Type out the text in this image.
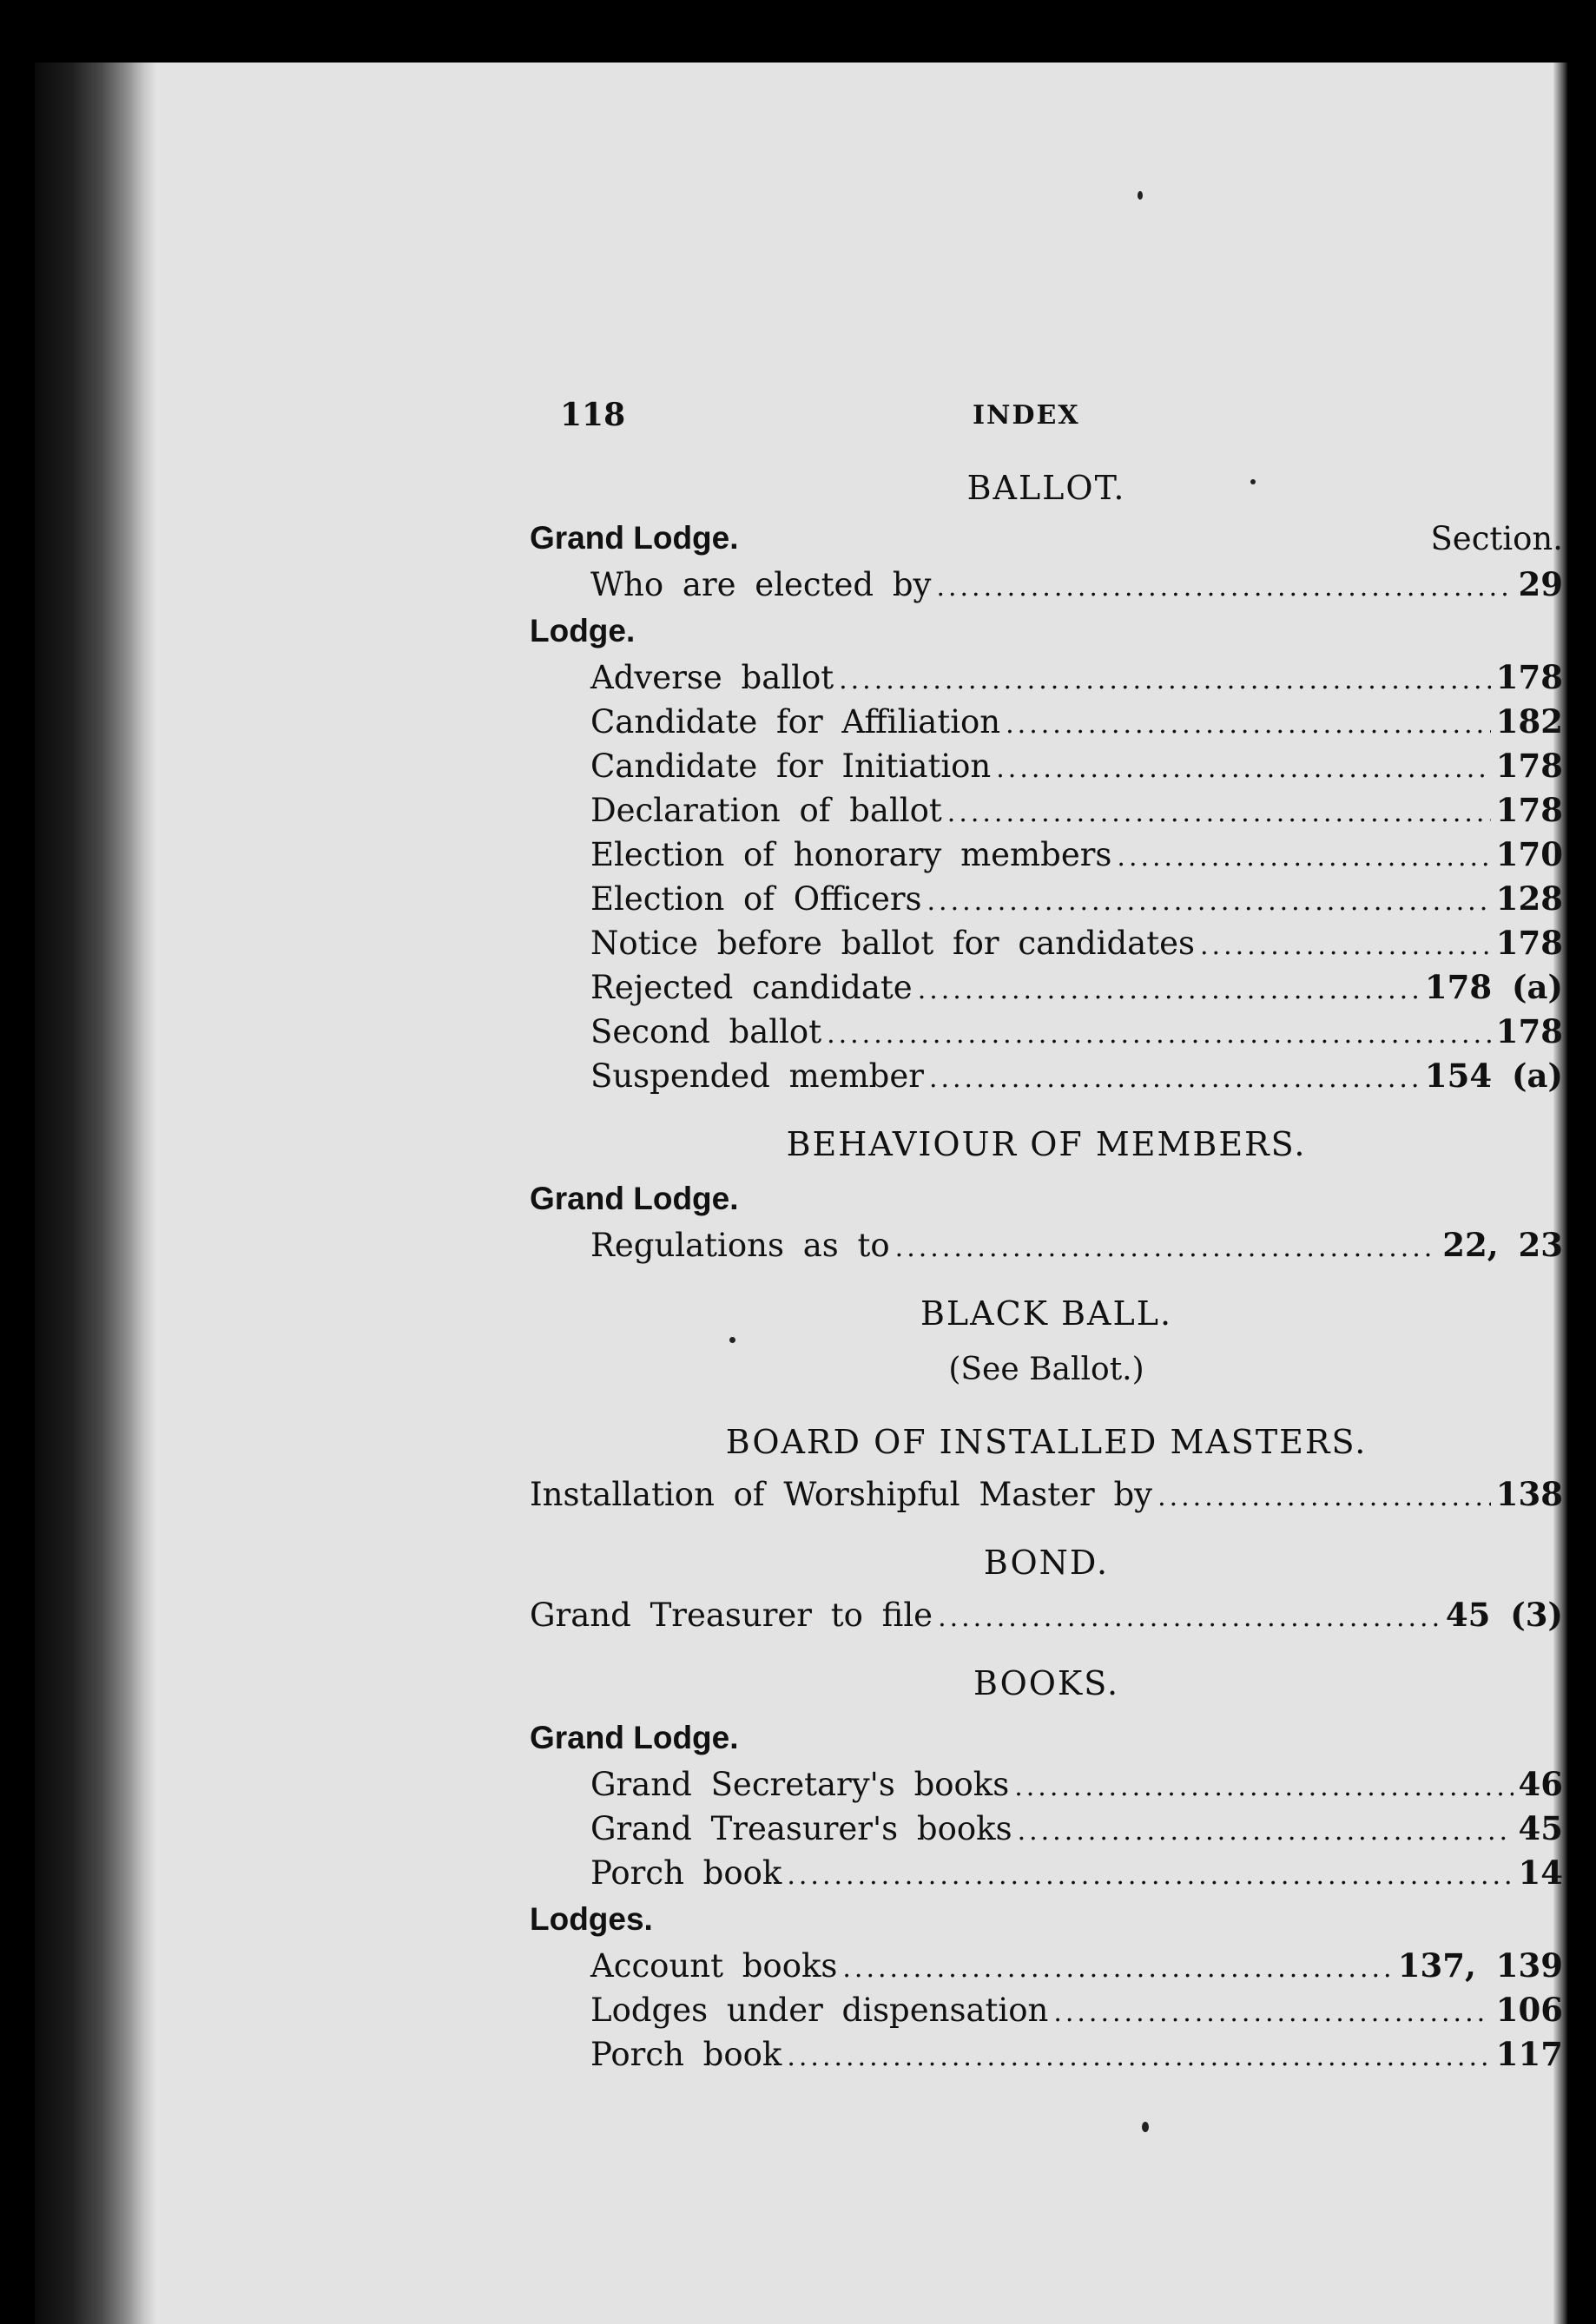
118	INDEX
BALLOT.
Grand Lodge.	Section.
Who are elected by .....	29
Lodge.
Adverse ballot .....	178
Candidate for Affiliation .....	182
Candidate for Initiation .....	178
Declaration of ballot .....	178
Election of honorary members .....	170
Election of Officers .....	128
Notice before ballot for candidates .....	178
Rejected candidate .....	178 (a)
Second ballot .....	178
Suspended member .....	154 (a)
BEHAVIOUR OF MEMBERS.
Grand Lodge.
Regulations as to .....	22, 23
BLACK BALL.
(See Ballot.)
BOARD OF INSTALLED MASTERS.
Installation of Worshipful Master by .....	138
BOND.
Grand Treasurer to file .....	45 (3)
BOOKS.
Grand Lodge.
Grand Secretary's books .....	46
Grand Treasurer's books .....	45
Porch book .....	14
Lodges.
Account books .....	137, 139
Lodges under dispensation .....	106
Porch book .....	117
